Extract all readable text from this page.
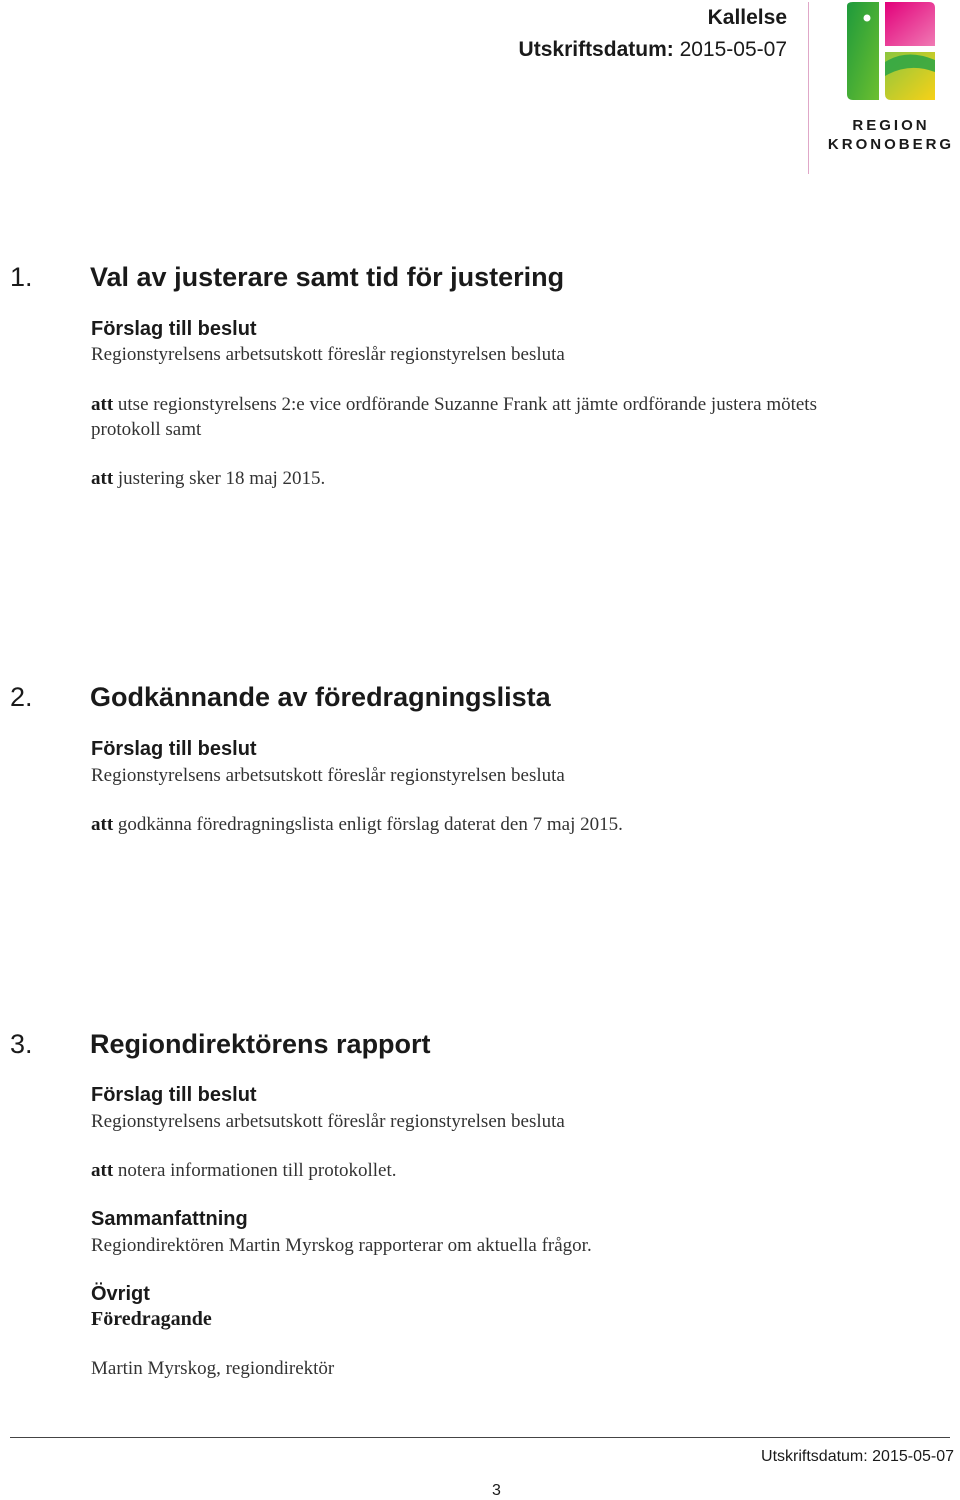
Kallelse
Utskriftsdatum: 2015-05-07
REGION
KRONOBERG
1.	Val av justerare samt tid för justering
Förslag till beslut
Regionstyrelsens arbetsutskott föreslår regionstyrelsen besluta
att utse regionstyrelsens 2:e vice ordförande Suzanne Frank att jämte ordförande justera mötets protokoll samt
att justering sker 18 maj 2015.
2.	Godkännande av föredragningslista
Förslag till beslut
Regionstyrelsens arbetsutskott föreslår regionstyrelsen besluta
att godkänna föredragningslista enligt förslag daterat den 7 maj 2015.
3.	Regiondirektörens rapport
Förslag till beslut
Regionstyrelsens arbetsutskott föreslår regionstyrelsen besluta
att notera informationen till protokollet.
Sammanfattning
Regiondirektören Martin Myrskog rapporterar om aktuella frågor.
Övrigt
Föredragande
Martin Myrskog, regiondirektör
Utskriftsdatum: 2015-05-07
3
